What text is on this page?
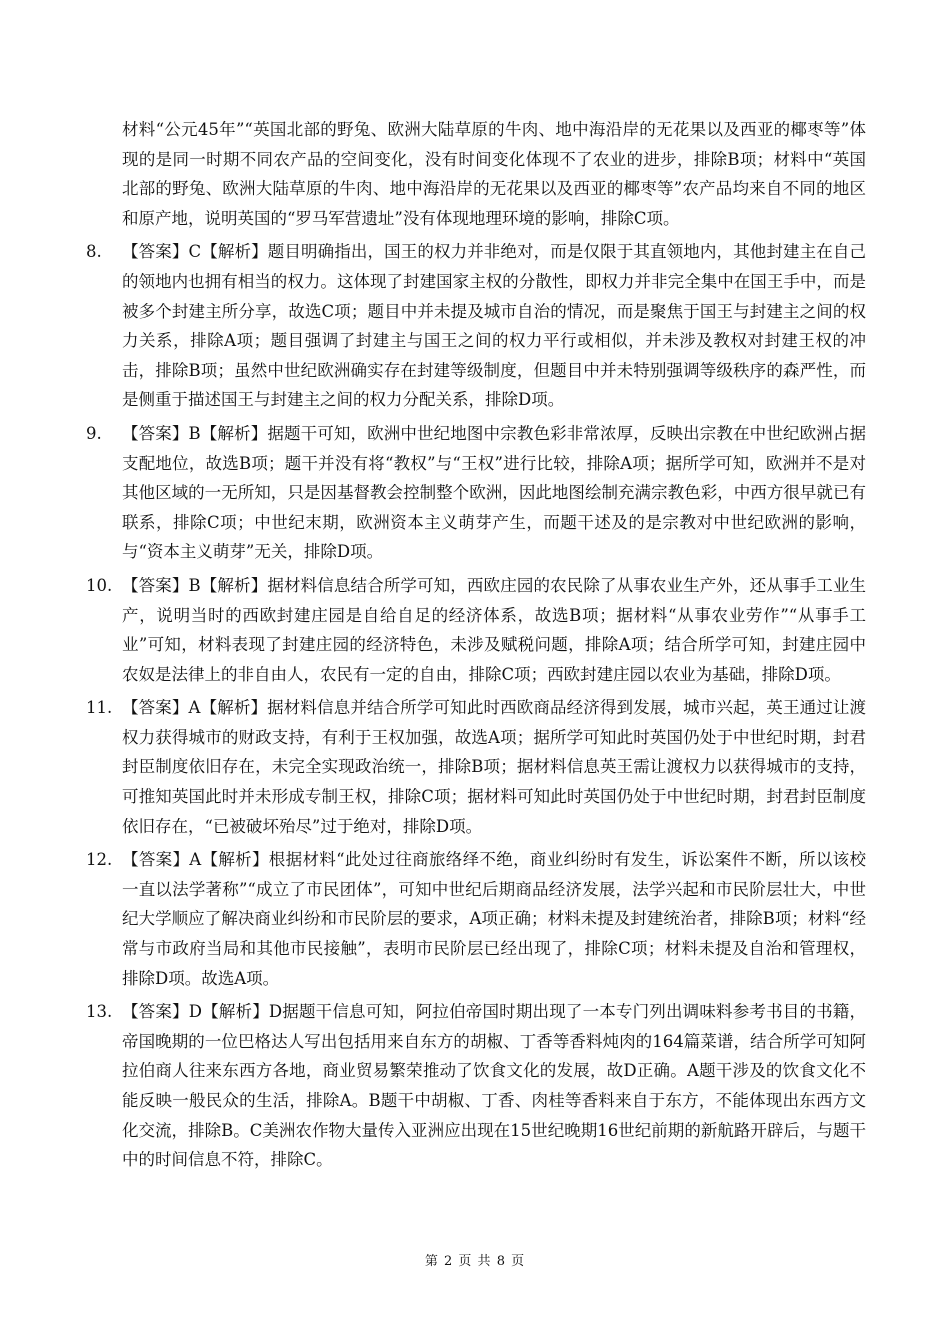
材料“公元45年”“英国北部的野兔、欧洲大陆草原的牛肉、地中海沿岸的无花果以及西亚的椰枣等”体现的是同一时期不同农产品的空间变化，没有时间变化体现不了农业的进步，排除B项；材料中“英国北部的野兔、欧洲大陆草原的牛肉、地中海沿岸的无花果以及西亚的椰枣等”农产品均来自不同的地区和原产地，说明英国的“罗马军营遗址”没有体现地理环境的影响，排除C项。

8.	【答案】C【解析】题目明确指出，国王的权力并非绝对，而是仅限于其直领地内，其他封建主在自己的领地内也拥有相当的权力。这体现了封建国家主权的分散性，即权力并非完全集中在国王手中，而是被多个封建主所分享，故选C项；题目中并未提及城市自治的情况，而是聚焦于国王与封建主之间的权力关系，排除A项；题目强调了封建主与国王之间的权力平行或相似，并未涉及教权对封建王权的冲击，排除B项；虽然中世纪欧洲确实存在封建等级制度，但题目中并未特别强调等级秩序的森严性，而是侧重于描述国王与封建主之间的权力分配关系，排除D项。

9.	【答案】B【解析】据题干可知，欧洲中世纪地图中宗教色彩非常浓厚，反映出宗教在中世纪欧洲占据支配地位，故选B项；题干并没有将“教权”与“王权”进行比较，排除A项；据所学可知，欧洲并不是对其他区域的一无所知，只是因基督教会控制整个欧洲，因此地图绘制充满宗教色彩，中西方很早就已有联系，排除C项；中世纪末期，欧洲资本主义萌芽产生，而题干述及的是宗教对中世纪欧洲的影响，与“资本主义萌芽”无关，排除D项。

10. 【答案】B【解析】据材料信息结合所学可知，西欧庄园的农民除了从事农业生产外，还从事手工业生产，说明当时的西欧封建庄园是自给自足的经济体系，故选B项；据材料“从事农业劳作”“从事手工业”可知，材料表现了封建庄园的经济特色，未涉及赋税问题，排除A项；结合所学可知，封建庄园中农奴是法律上的非自由人，农民有一定的自由，排除C项；西欧封建庄园以农业为基础，排除D项。

11. 【答案】A【解析】据材料信息并结合所学可知此时西欧商品经济得到发展，城市兴起，英王通过让渡权力获得城市的财政支持，有利于王权加强，故选A项；据所学可知此时英国仍处于中世纪时期，封君封臣制度依旧存在，未完全实现政治统一，排除B项；据材料信息英王需让渡权力以获得城市的支持，可推知英国此时并未形成专制王权，排除C项；据材料可知此时英国仍处于中世纪时期，封君封臣制度依旧存在，“已被破坏殆尽”过于绝对，排除D项。

12. 【答案】A【解析】根据材料“此处过往商旅络绎不绝，商业纠纷时有发生，诉讼案件不断，所以该校一直以法学著称”“成立了市民团体”，可知中世纪后期商品经济发展，法学兴起和市民阶层壮大，中世纪大学顺应了解决商业纠纷和市民阶层的要求，A项正确；材料未提及封建统治者，排除B项；材料“经常与市政府当局和其他市民接触”，表明市民阶层已经出现了，排除C项；材料未提及自治和管理权，排除D项。故选A项。

13. 【答案】D【解析】D据题干信息可知，阿拉伯帝国时期出现了一本专门列出调味料参考书目的书籍，帝国晚期的一位巴格达人写出包括用来自东方的胡椒、丁香等香料炖肉的164篇菜谱，结合所学可知阿拉伯商人往来东西方各地，商业贸易繁荣推动了饮食文化的发展，故D正确。A题干涉及的饮食文化不能反映一般民众的生活，排除A。B题干中胡椒、丁香、肉桂等香料来自于东方，不能体现出东西方文化交流，排除B。C美洲农作物大量传入亚洲应出现在15世纪晚期16世纪前期的新航路开辟后，与题干中的时间信息不符，排除C。

第 2 页 共 8 页
